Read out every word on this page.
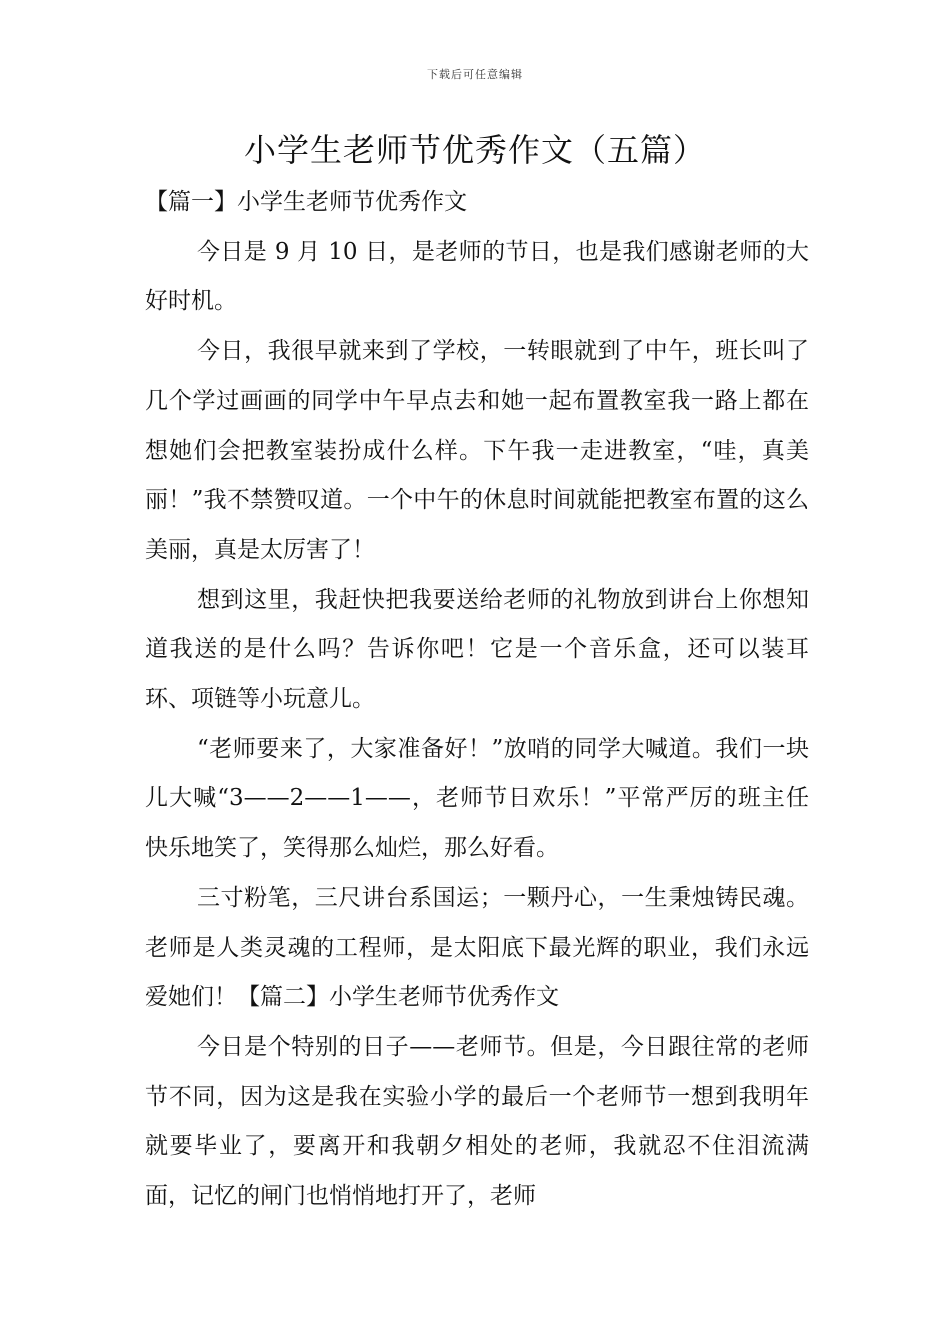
下载后可任意编辑
小学生老师节优秀作文（五篇）

【篇一】小学生老师节优秀作文

今日是 9 月 10 日，是老师的节日，也是我们感谢老师的大好时机。

今日，我很早就来到了学校，一转眼就到了中午，班长叫了几个学过画画的同学中午早点去和她一起布置教室我一路上都在想她们会把教室装扮成什么样。下午我一走进教室，“哇，真美丽！”我不禁赞叹道。一个中午的休息时间就能把教室布置的这么美丽，真是太厉害了！

想到这里，我赶快把我要送给老师的礼物放到讲台上你想知道我送的是什么吗？告诉你吧！它是一个音乐盒，还可以装耳环、项链等小玩意儿。

“老师要来了，大家准备好！”放哨的同学大喊道。我们一块儿大喊“3——2——1——，老师节日欢乐！”平常严厉的班主任快乐地笑了，笑得那么灿烂，那么好看。

三寸粉笔，三尺讲台系国运；一颗丹心，一生秉烛铸民魂。老师是人类灵魂的工程师，是太阳底下最光辉的职业，我们永远爱她们！【篇二】小学生老师节优秀作文

今日是个特别的日子——老师节。但是，今日跟往常的老师节不同，因为这是我在实验小学的最后一个老师节一想到我明年就要毕业了，要离开和我朝夕相处的老师，我就忍不住泪流满面，记忆的闸门也悄悄地打开了，老师
